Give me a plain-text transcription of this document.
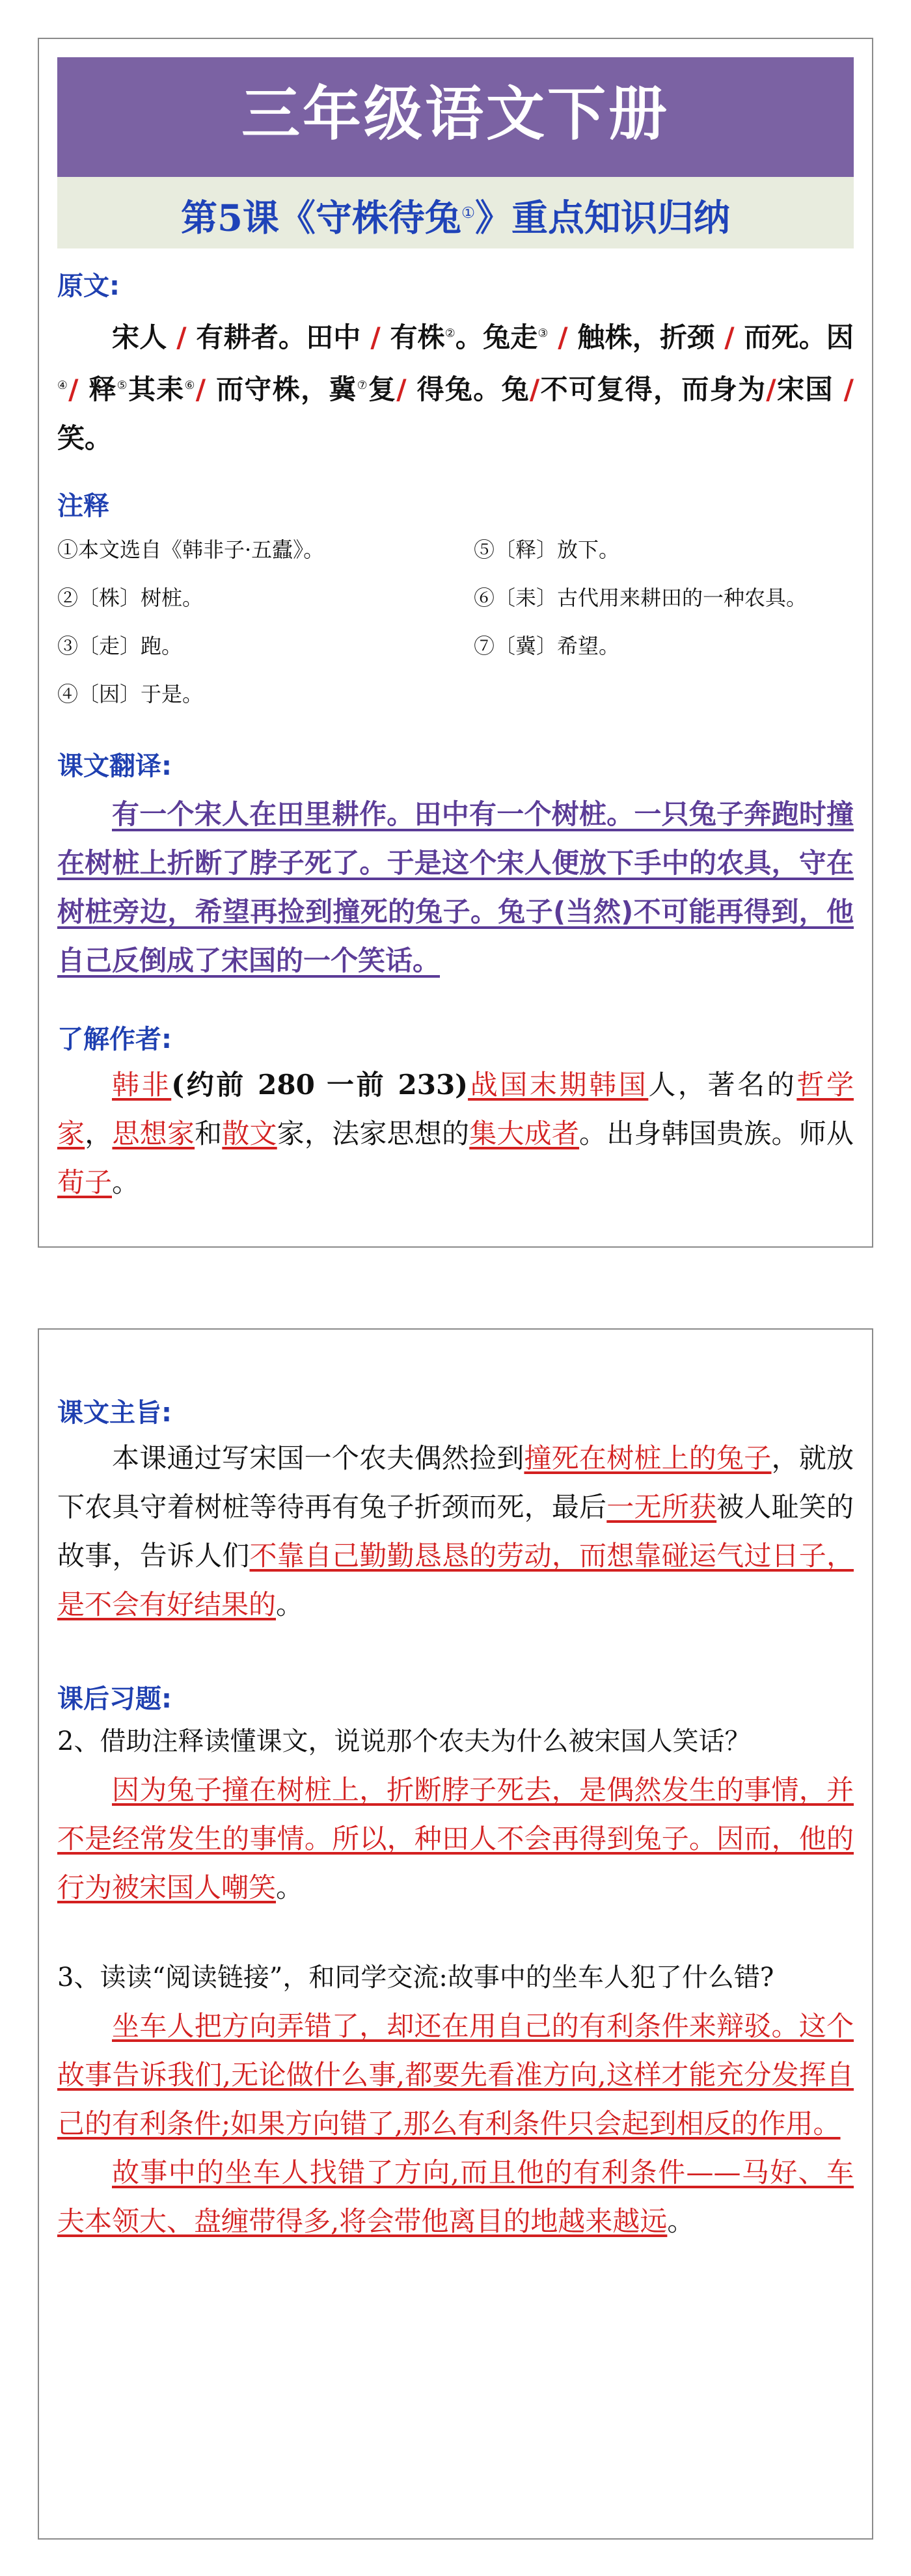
三年级语文下册
第5课《守株待兔①》重点知识归纳
原文:
宋人 / 有耕者。田中 / 有株②。兔走③ / 触株，折颈 / 而死。因④/ 释⑤其耒⑥/ 而守株，冀⑦复/ 得兔。兔/不可复得，而身为/宋国 /笑。
注释
①本文选自《韩非子·五蠹》。	⑤〔释〕放下。
②〔株〕树桩。	⑥〔耒〕古代用来耕田的一种农具。
③〔走〕跑。	⑦〔冀〕希望。
④〔因〕于是。
课文翻译:
有一个宋人在田里耕作。田中有一个树桩。一只兔子奔跑时撞在树桩上折断了脖子死了。于是这个宋人便放下手中的农具，守在树桩旁边，希望再捡到撞死的兔子。兔子(当然)不可能再得到，他自己反倒成了宋国的一个笑话。
了解作者:
韩非(约前 280 一前 233)战国末期韩国人，著名的哲学家，思想家和散文家，法家思想的集大成者。出身韩国贵族。师从荀子。
课文主旨:
本课通过写宋国一个农夫偶然捡到撞死在树桩上的兔子，就放下农具守着树桩等待再有兔子折颈而死，最后一无所获被人耻笑的故事，告诉人们不靠自己勤勤恳恳的劳动，而想靠碰运气过日子，是不会有好结果的。
课后习题:
2、借助注释读懂课文，说说那个农夫为什么被宋国人笑话？
因为兔子撞在树桩上，折断脖子死去，是偶然发生的事情，并不是经常发生的事情。所以，种田人不会再得到兔子。因而，他的行为被宋国人嘲笑。
3、读读“阅读链接”，和同学交流:故事中的坐车人犯了什么错?
坐车人把方向弄错了，却还在用自己的有利条件来辩驳。这个故事告诉我们,无论做什么事,都要先看准方向,这样才能充分发挥自己的有利条件;如果方向错了,那么有利条件只会起到相反的作用。
故事中的坐车人找错了方向,而且他的有利条件——马好、车夫本领大、盘缠带得多,将会带他离目的地越来越远。
